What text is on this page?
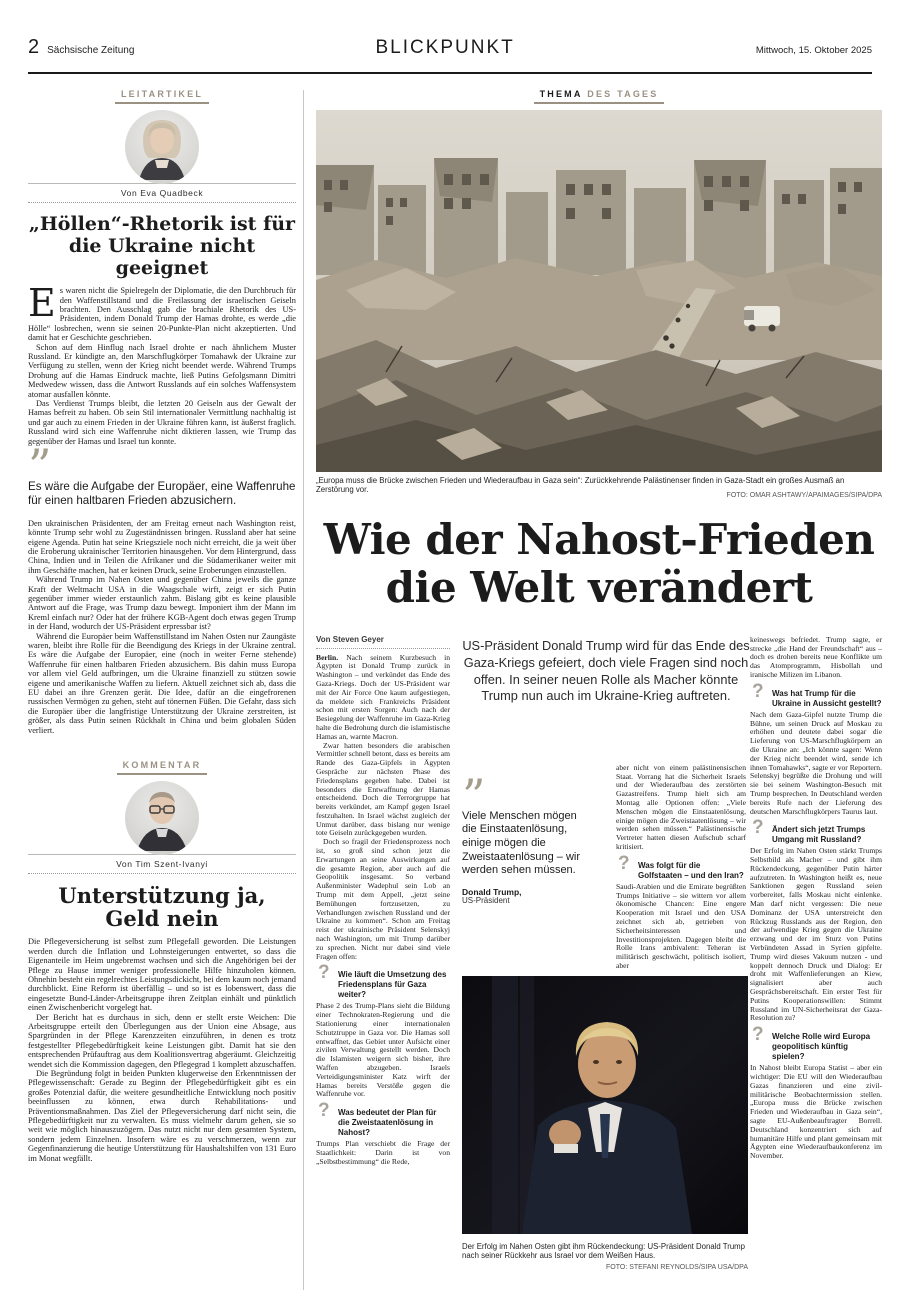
2 Sächsische Zeitung	BLICKPUNKT	Mittwoch, 15. Oktober 2025
LEITARTIKEL
Von Eva Quadbeck
„Höllen“-Rhetorik ist für die Ukraine nicht geeignet

Es waren nicht die Spielregeln der Diplomatie, die den Durchbruch für den Waffenstillstand und die Freilassung der israelischen Geiseln brachten. Den Ausschlag gab die brachiale Rhetorik des US-Präsidenten, indem Donald Trump der Hamas drohte, es werde „die Hölle“ losbrechen, wenn sie seinen 20-Punkte-Plan nicht akzeptierten. Und damit hat er Geschichte geschrieben.

Schon auf dem Hinflug nach Israel drohte er nach ähnlichem Muster Russland. Er kündigte an, den Marschflugkörper Tomahawk der Ukraine zur Verfügung zu stellen, wenn der Krieg nicht beendet werde. Während Trumps Drohung auf die Hamas Eindruck machte, ließ Putins Gefolgsmann Dimitri Medwedew wissen, dass die Antwort Russlands auf ein solches Waffensystem atomar ausfallen könnte.

Das Verdienst Trumps bleibt, die letzten 20 Geiseln aus der Gewalt der Hamas befreit zu haben. Ob sein Stil internationaler Vermittlung nachhaltig ist und gar auch zu einem Frieden in der Ukraine führen kann, ist äußerst fraglich. Russland wird sich eine Waffenruhe nicht diktieren lassen, wie Trump das gegenüber der Hamas und Israel tun konnte.

”
Es wäre die Aufgabe der Europäer, eine Waffenruhe für einen haltbaren Frieden abzusichern.

Den ukrainischen Präsidenten, der am Freitag erneut nach Washington reist, könnte Trump sehr wohl zu Zugeständnissen bringen. Russland aber hat seine eigene Agenda. Putin hat seine Kriegsziele noch nicht erreicht, die ja weit über die Eroberung ukrainischer Territorien hinausgehen. Vor dem Hintergrund, dass China, Indien und in Teilen die Afrikaner und die Südamerikaner weiter mit ihm Geschäfte machen, hat er keinen Druck, seine Eroberungen einzustellen.

Während Trump im Nahen Osten und gegenüber China jeweils die ganze Kraft der Weltmacht USA in die Waagschale wirft, zeigt er sich Putin gegenüber immer wieder erstaunlich zahm. Bislang gibt es keine plausible Antwort auf die Frage, was Trump dazu bewegt. Imponiert ihm der Mann im Kreml einfach nur? Oder hat der frühere KGB-Agent doch etwas gegen Trump in der Hand, wodurch der US-Präsident erpressbar ist?

Während die Europäer beim Waffenstillstand im Nahen Osten nur Zaungäste waren, bleibt ihre Rolle für die Beendigung des Kriegs in der Ukraine zentral. Es wäre die Aufgabe der Europäer, eine (noch in weiter Ferne stehende) Waffenruhe für einen haltbaren Frieden abzusichern. Bis dahin muss Europa vor allem viel Geld aufbringen, um die Ukraine finanziell zu stützen sowie eigene und amerikanische Waffen zu liefern. Aktuell zeichnet sich ab, dass die EU dabei an ihre Grenzen gerät. Die Idee, dafür an die eingefrorenen russischen Vermögen zu gehen, steht auf tönernen Füßen. Die Gefahr, dass sich die Europäer über die langfristige Unterstützung der Ukraine zerstreiten, ist größer, als dass Putin seinen Rückhalt in China und beim globalen Süden verliert.

KOMMENTAR
Von Tim Szent-Ivanyi
Unterstützung ja, Geld nein

Die Pflegeversicherung ist selbst zum Pflegefall geworden. Die Leistungen werden durch die Inflation und Lohnsteigerungen entwertet, so dass die Eigenanteile im Heim ungebremst wachsen und sich die Angehörigen bei der Pflege zu Hause immer weniger professionelle Hilfe hinzuholen können. Ohnehin besteht ein regelrechtes Leistungsdickicht, bei dem kaum noch jemand durchblickt. Eine Reform ist überfällig – und so ist es lobenswert, dass die eingesetzte Bund-Länder-Arbeitsgruppe ihren Zeitplan einhält und pünktlich einen Zwischenbericht vorgelegt hat.

Der Bericht hat es durchaus in sich, denn er stellt erste Weichen: Die Arbeitsgruppe erteilt den Überlegungen aus der Union eine Absage, aus Spargründen in der Pflege Karenzzeiten einzuführen, in denen es trotz festgestellter Pflegebedürftigkeit keine Leistungen gibt. Damit hat sie den entsprechenden Prüfauftrag aus dem Koalitionsvertrag abgeräumt. Gleichzeitig wendet sich die Kommission dagegen, den Pflegegrad 1 komplett abzuschaffen.

Die Begründung folgt in beiden Punkten klugerweise den Erkenntnissen der Pflegewissenschaft: Gerade zu Beginn der Pflegebedürftigkeit gibt es ein großes Potenzial dafür, die weitere gesundheitliche Entwicklung noch positiv beeinflussen zu können, etwa durch Rehabilitations- und Präventionsmaßnahmen. Das Ziel der Pflegeversicherung darf nicht sein, die Pflegebedürftigkeit nur zu verwalten. Es muss vielmehr darum gehen, sie so weit wie möglich hinauszuzögern. Das nutzt nicht nur dem gesamten System, sondern jedem Einzelnen. Insofern wäre es zu verschmerzen, wenn zur Gegenfinanzierung die heutige Unterstützung für Haushaltshilfen von 131 Euro im Monat wegfällt.

THEMA DES TAGES
„Europa muss die Brücke zwischen Frieden und Wiederaufbau in Gaza sein“: Zurückkehrende Palästinenser finden in Gaza-Stadt ein großes Ausmaß an Zerstörung vor.
FOTO: OMAR ASHTAWY/APAIMAGES/SIPA/DPA
Wie der Nahost-Frieden die Welt verändert
Von Steven Geyer

Berlin. Nach seinem Kurzbesuch in Ägypten ist Donald Trump zurück in Washington – und verkündet das Ende des Gaza-Kriegs. Doch der US-Präsident war mit der Air Force One kaum aufgestiegen, da meldete sich Frankreichs Präsident schon mit ersten Sorgen: Auch nach der Besiegelung der Waffenruhe im Gaza-Krieg halte die Bedrohung durch die islamistische Hamas an, warnte Macron.

Zwar hatten besonders die arabischen Vermittler schnell betont, dass es bereits am Rande des Gaza-Gipfels in Ägypten Gespräche zur nächsten Phase des Friedensplans gegeben habe. Dabei ist besonders die Entwaffnung der Hamas entscheidend. Doch die Terrorgruppe hat bereits verkündet, am Kampf gegen Israel festzuhalten. In Israel wächst zugleich der Unmut darüber, dass bislang nur wenige tote Geiseln zurückgegeben wurden.

Doch so fragil der Friedensprozess noch ist, so groß sind schon jetzt die Erwartungen an seine Auswirkungen auf die gesamte Region, aber auch auf die Geopolitik insgesamt. So verband Außenminister Wadephul sein Lob an Trump mit dem Appell, „jetzt seine Bemühungen fortzusetzen, zu Verhandlungen zwischen Russland und der Ukraine zu kommen“. Schon am Freitag reist der ukrainische Präsident Selenskyj nach Washington, um mit Trump darüber zu sprechen. Nicht nur dabei sind viele Fragen offen:

? Wie läuft die Umsetzung des Friedensplans für Gaza weiter?

Phase 2 des Trump-Plans sieht die Bildung einer Technokraten-Regierung und die Stationierung einer internationalen Schutztruppe in Gaza vor. Die Hamas soll entwaffnet, das Gebiet unter Aufsicht einer zivilen Verwaltung gestellt werden. Doch die Islamisten weigern sich bisher, ihre Waffen abzugeben. Israels Verteidigungsminister Katz wirft der Hamas bereits Verstöße gegen die Waffenruhe vor.

? Was bedeutet der Plan für die Zweistaatenlösung in Nahost?

Trumps Plan verschiebt die Frage der Staatlichkeit: Darin ist von „Selbstbestimmung“ die Rede,

US-Präsident Donald Trump wird für das Ende des Gaza-Kriegs gefeiert, doch viele Fragen sind noch offen. In seiner neuen Rolle als Macher könnte Trump nun auch im Ukraine-Krieg auftreten.
”
Viele Menschen mögen die Einstaatenlösung, einige mögen die Zweistaatenlösung – wir werden sehen müssen.
Donald Trump,
US-Präsident

aber nicht von einem palästinensischen Staat. Vorrang hat die Sicherheit Israels und der Wiederaufbau des zerstörten Gazastreifens. Trump hielt sich am Montag alle Optionen offen: „Viele Menschen mögen die Einstaatenlösung, einige mögen die Zweistaatenlösung – wir werden sehen müssen.“ Palästinensische Vertreter hatten diesen Aufschub scharf kritisiert.

? Was folgt für die Golfstaaten – und den Iran?

Saudi-Arabien und die Emirate begrüßten Trumps Initiative – sie wittern vor allem ökonomische Chancen: Eine engere Kooperation mit Israel und den USA zeichnet sich ab, getrieben von Sicherheitsinteressen und Investitionsprojekten. Dagegen bleibt die Rolle Irans ambivalent: Teheran ist militärisch geschwächt, politisch isoliert, aber

keineswegs befriedet. Trump sagte, er strecke „die Hand der Freundschaft“ aus – doch es drohen bereits neue Konflikte um das Atomprogramm, Hisbollah und iranische Milizen im Libanon.

? Was hat Trump für die Ukraine in Aussicht gestellt?

Nach dem Gaza-Gipfel nutzte Trump die Bühne, um seinen Druck auf Moskau zu erhöhen und deutete dabei sogar die Lieferung von US-Marschflugkörpern an die Ukraine an: „Ich könnte sagen: Wenn der Krieg nicht beendet wird, sende ich ihnen Tomahawks“, sagte er vor Reportern. Selenskyj begrüßte die Drohung und will sie bei seinem Washington-Besuch mit Trump besprechen. In Deutschland werden bereits Rufe nach der Lieferung des deutschen Marschflugkörpers Taurus laut.

? Ändert sich jetzt Trumps Umgang mit Russland?

Der Erfolg im Nahen Osten stärkt Trumps Selbstbild als Macher – und gibt ihm Rückendeckung, gegenüber Putin härter aufzutreten. In Washington heißt es, neue Sanktionen gegen Russland seien vorbereitet, falls Moskau nicht einlenke. Man darf nicht vergessen: Die neue Dominanz der USA unterstreicht den Rückzug Russlands aus der Region, den der aufwendige Krieg gegen die Ukraine erzwang und der im Sturz von Putins Verbündeten Assad in Syrien gipfelte. Trump wird dieses Vakuum nutzen - und koppelt dennoch Druck und Dialog: Er droht mit Waffenlieferungen an Kiew, signalisiert aber auch Gesprächsbereitschaft. Ein erster Test für Putins Kooperationswillen: Stimmt Russland im UN-Sicherheitsrat der Gaza-Resolution zu?

? Welche Rolle wird Europa geopolitisch künftig spielen?

In Nahost bleibt Europa Statist – aber ein wichtiger: Die EU will den Wiederaufbau Gazas finanzieren und eine zivil-militärische Beobachtermission stellen. „Europa muss die Brücke zwischen Frieden und Wiederaufbau in Gaza sein“, sagte EU-Außenbeauftragter Borrell. Deutschland konzentriert sich auf humanitäre Hilfe und plant gemeinsam mit Ägypten eine Wiederaufbaukonferenz im November.

Der Erfolg im Nahen Osten gibt ihm Rückendeckung: US-Präsident Donald Trump nach seiner Rückkehr aus Israel vor dem Weißen Haus.
FOTO: STEFANI REYNOLDS/SIPA USA/DPA
